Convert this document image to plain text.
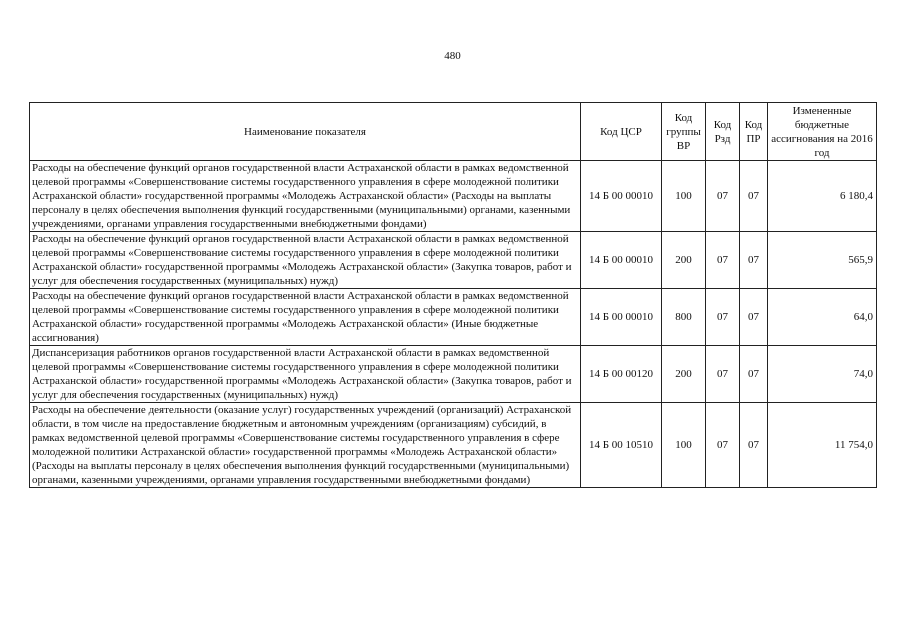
480
Наименование показателя	Код ЦСР	Код группы ВР	Код Рзд	Код ПР	Измененные бюджетные ассигнования на 2016 год
Расходы на обеспечение функций органов государственной власти Астраханской области в рамках ведомственной целевой программы «Совершенствование системы государственного управления в сфере молодежной политики Астраханской области» государственной программы «Молодежь Астраханской области» (Расходы на выплаты персоналу в целях обеспечения выполнения функций государственными (муниципальными) органами, казенными учреждениями, органами управления государственными внебюджетными фондами)	14 Б 00 00010	100	07	07	6 180,4
Расходы на обеспечение функций органов государственной власти Астраханской области в рамках ведомственной целевой программы «Совершенствование системы государственного управления в сфере молодежной политики Астраханской области» государственной программы «Молодежь Астраханской области» (Закупка товаров, работ и услуг для обеспечения государственных (муниципальных) нужд)	14 Б 00 00010	200	07	07	565,9
Расходы на обеспечение функций органов государственной власти Астраханской области в рамках ведомственной целевой программы «Совершенствование системы государственного управления в сфере молодежной политики Астраханской области» государственной программы «Молодежь Астраханской области» (Иные бюджетные ассигнования)	14 Б 00 00010	800	07	07	64,0
Диспансеризация работников органов государственной власти Астраханской области в рамках ведомственной целевой программы «Совершенствование системы государственного управления в сфере молодежной политики Астраханской области» государственной программы «Молодежь Астраханской области» (Закупка товаров, работ и услуг для обеспечения государственных (муниципальных) нужд)	14 Б 00 00120	200	07	07	74,0
Расходы на обеспечение деятельности (оказание услуг) государственных учреждений (организаций) Астраханской области, в том числе на предоставление бюджетным и автономным учреждениям (организациям) субсидий, в рамках ведомственной целевой программы «Совершенствование системы государственного управления в сфере молодежной политики Астраханской области» государственной программы «Молодежь Астраханской области» (Расходы на выплаты персоналу в целях обеспечения выполнения функций государственными (муниципальными) органами, казенными учреждениями, органами управления государственными внебюджетными фондами)	14 Б 00 10510	100	07	07	11 754,0
